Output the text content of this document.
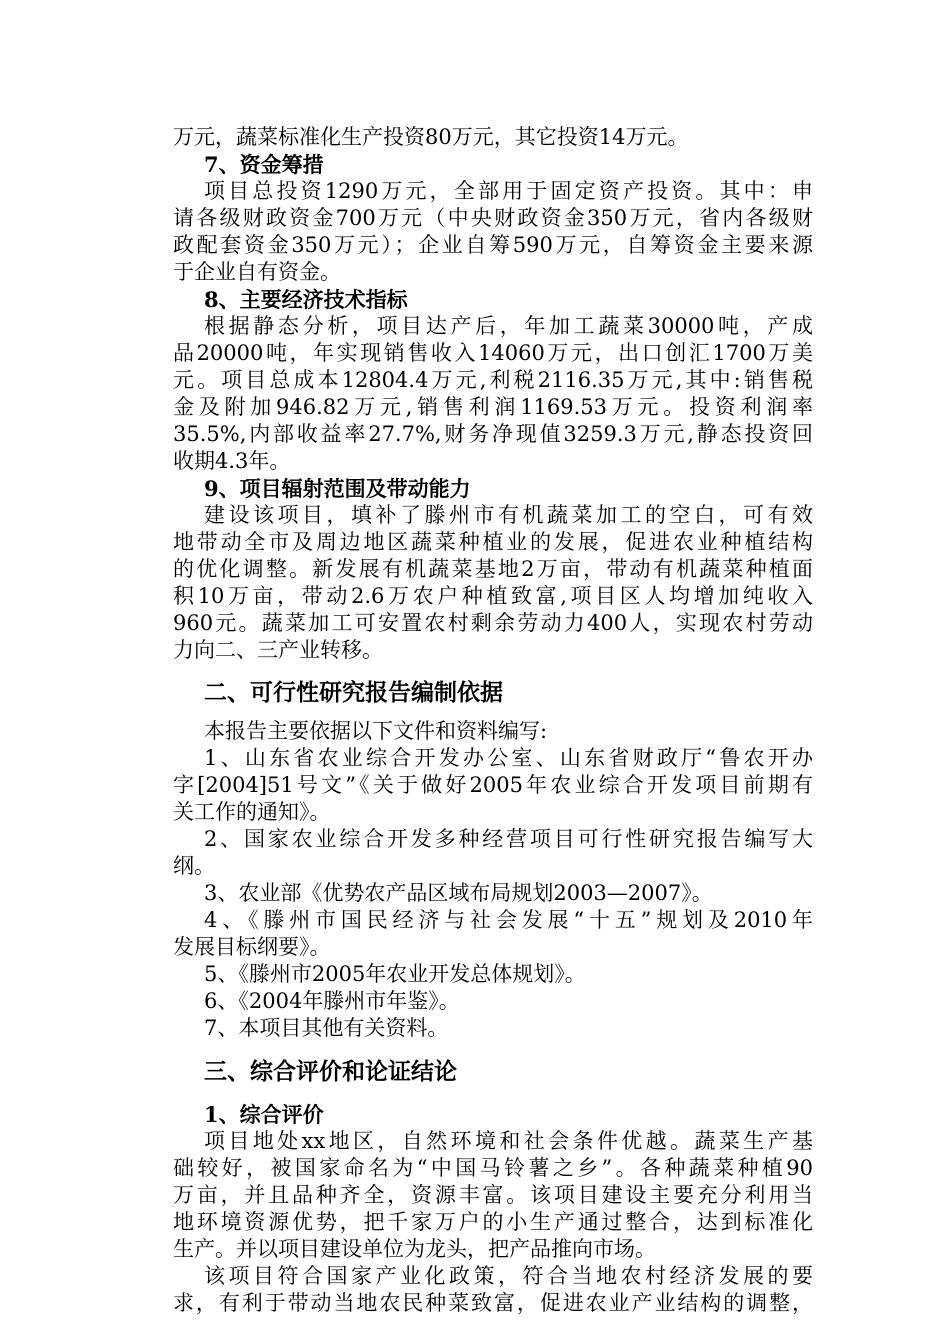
万元，蔬菜标准化生产投资80万元，其它投资14万元。

7、资金筹措

项目总投资1290万元，全部用于固定资产投资。其中：申

请各级财政资金700万元（中央财政资金350万元，省内各级财

政配套资金350万元）；企业自筹590万元，自筹资金主要来源

于企业自有资金。

8、主要经济技术指标

根据静态分析，项目达产后，年加工蔬菜30000吨，产成

品20000吨，年实现销售收入14060万元，出口创汇1700万美

元。项目总成本12804.4万元,利税2116.35万元,其中:销售税

金及附加946.82万元,销售利润1169.53万元。投资利润率

35.5%,内部收益率27.7%,财务净现值3259.3万元,静态投资回

收期4.3年。

9、项目辐射范围及带动能力

建设该项目，填补了滕州市有机蔬菜加工的空白，可有效

地带动全市及周边地区蔬菜种植业的发展，促进农业种植结构

的优化调整。新发展有机蔬菜基地2万亩，带动有机蔬菜种植面

积10万亩，带动2.6万农户种植致富,项目区人均增加纯收入

960元。蔬菜加工可安置农村剩余劳动力400人，实现农村劳动

力向二、三产业转移。

二、可行性研究报告编制依据

本报告主要依据以下文件和资料编写:

1、山东省农业综合开发办公室、山东省财政厅“鲁农开办

字[2004]51号文”《关于做好2005年农业综合开发项目前期有

关工作的通知》。

2、国家农业综合开发多种经营项目可行性研究报告编写大

纲。

3、农业部《优势农产品区域布局规划2003—2007》。

4、《滕州市国民经济与社会发展“十五”规划及2010年

发展目标纲要》。

5、《滕州市2005年农业开发总体规划》。

6、《2004年滕州市年鉴》。

7、本项目其他有关资料。

三、综合评价和论证结论

1、综合评价

项目地处xx地区，自然环境和社会条件优越。蔬菜生产基

础较好，被国家命名为“中国马铃薯之乡”。各种蔬菜种植90

万亩，并且品种齐全，资源丰富。该项目建设主要充分利用当

地环境资源优势，把千家万户的小生产通过整合，达到标准化

生产。并以项目建设单位为龙头，把产品推向市场。

该项目符合国家产业化政策，符合当地农村经济发展的要

求，有利于带动当地农民种菜致富，促进农业产业结构的调整，
